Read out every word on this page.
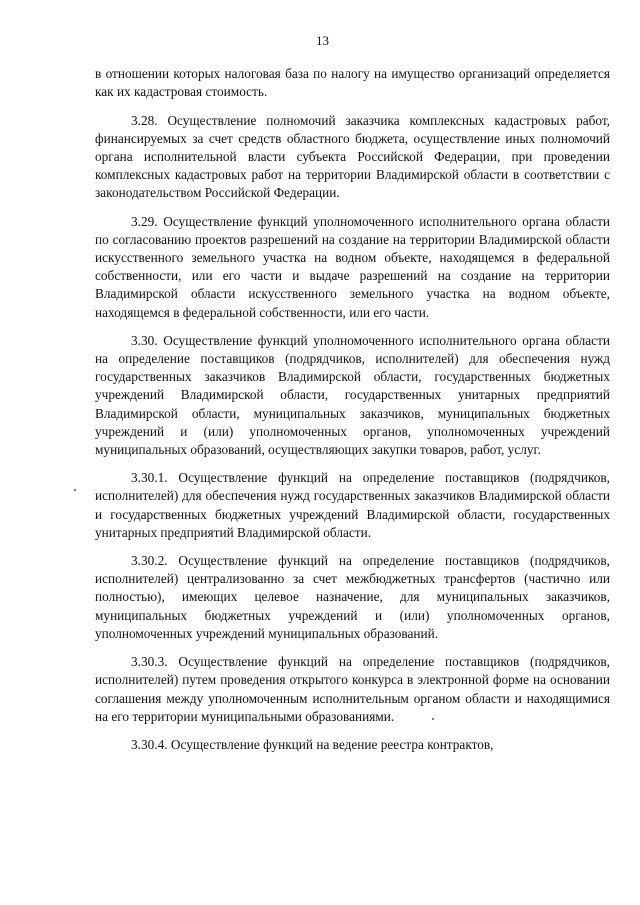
13

в отношении которых налоговая база по налогу на имущество организаций определяется как их кадастровая стоимость.

3.28. Осуществление полномочий заказчика комплексных кадастровых работ, финансируемых за счет средств областного бюджета, осуществление иных полномочий органа исполнительной власти субъекта Российской Федерации, при проведении комплексных кадастровых работ на территории Владимирской области в соответствии с законодательством Российской Федерации.

3.29. Осуществление функций уполномоченного исполнительного органа области по согласованию проектов разрешений на создание на территории Владимирской области искусственного земельного участка на водном объекте, находящемся в федеральной собственности, или его части и выдаче разрешений на создание на территории Владимирской области искусственного земельного участка на водном объекте, находящемся в федеральной собственности, или его части.

3.30. Осуществление функций уполномоченного исполнительного органа области на определение поставщиков (подрядчиков, исполнителей) для обеспечения нужд государственных заказчиков Владимирской области, государственных бюджетных учреждений Владимирской области, государственных унитарных предприятий Владимирской области, муниципальных заказчиков, муниципальных бюджетных учреждений и (или) уполномоченных органов, уполномоченных учреждений муниципальных образований, осуществляющих закупки товаров, работ, услуг.

3.30.1. Осуществление функций на определение поставщиков (подрядчиков, исполнителей) для обеспечения нужд государственных заказчиков Владимирской области и государственных бюджетных учреждений Владимирской области, государственных унитарных предприятий Владимирской области.

3.30.2. Осуществление функций на определение поставщиков (подрядчиков, исполнителей) централизованно за счет межбюджетных трансфертов (частично или полностью), имеющих целевое назначение, для муниципальных заказчиков, муниципальных бюджетных учреждений и (или) уполномоченных органов, уполномоченных учреждений муниципальных образований.

3.30.3. Осуществление функций на определение поставщиков (подрядчиков, исполнителей) путем проведения открытого конкурса в электронной форме на основании соглашения между уполномоченным исполнительным органом области и находящимися на его территории муниципальными образованиями.

3.30.4. Осуществление функций на ведение реестра контрактов,
